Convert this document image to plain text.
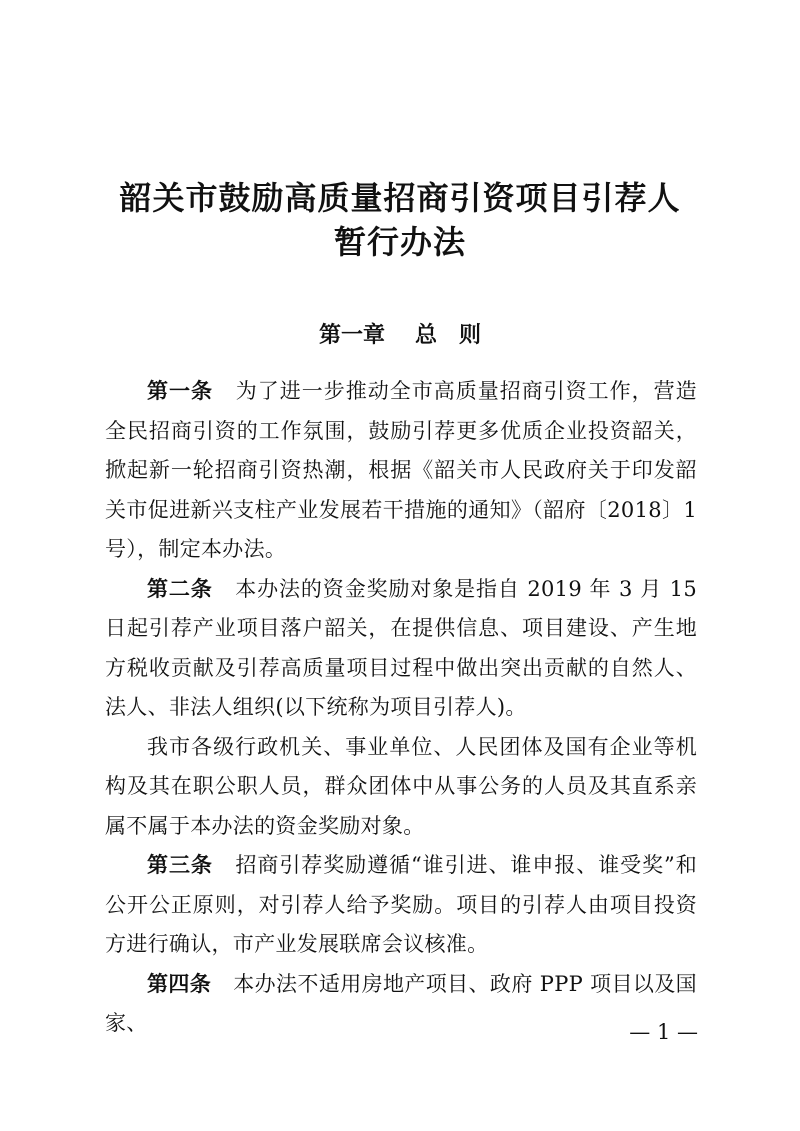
韶关市鼓励高质量招商引资项目引荐人
暂行办法
第一章 总　则

第一条 为了进一步推动全市高质量招商引资工作，营造全民招商引资的工作氛围，鼓励引荐更多优质企业投资韶关，掀起新一轮招商引资热潮，根据《韶关市人民政府关于印发韶关市促进新兴支柱产业发展若干措施的通知》（韶府〔2018〕1号），制定本办法。

第二条 本办法的资金奖励对象是指自 2019 年 3 月 15 日起引荐产业项目落户韶关，在提供信息、项目建设、产生地方税收贡献及引荐高质量项目过程中做出突出贡献的自然人、法人、非法人组织(以下统称为项目引荐人)。

我市各级行政机关、事业单位、人民团体及国有企业等机构及其在职公职人员，群众团体中从事公务的人员及其直系亲属不属于本办法的资金奖励对象。

第三条 招商引荐奖励遵循“谁引进、谁申报、谁受奖”和公开公正原则，对引荐人给予奖励。项目的引荐人由项目投资方进行确认，市产业发展联席会议核准。

第四条 本办法不适用房地产项目、政府 PPP 项目以及国家、	— 1 —
